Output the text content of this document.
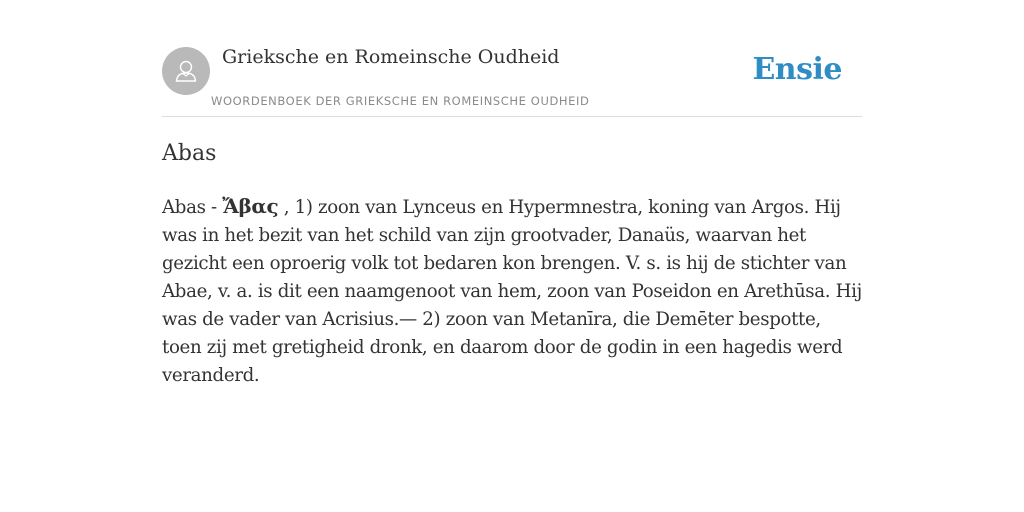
Grieksche en Romeinsche Oudheid
WOORDENBOEK DER GRIEKSCHE EN ROMEINSCHE OUDHEID
Ensie
Abas

Abas - Ἄβας , 1) zoon van Lynceus en Hypermnestra, koning van Argos. Hij was in het bezit van het schild van zijn grootvader, Danaüs, waarvan het gezicht een oproerig volk tot bedaren kon brengen. V. s. is hij de stichter van Abae, v. a. is dit een naamgenoot van hem, zoon van Poseidon en Arethūsa. Hij was de vader van Acrisius.— 2) zoon van Metanīra, die Demēter bespotte, toen zij met gretigheid dronk, en daarom door de godin in een hagedis werd veranderd.
